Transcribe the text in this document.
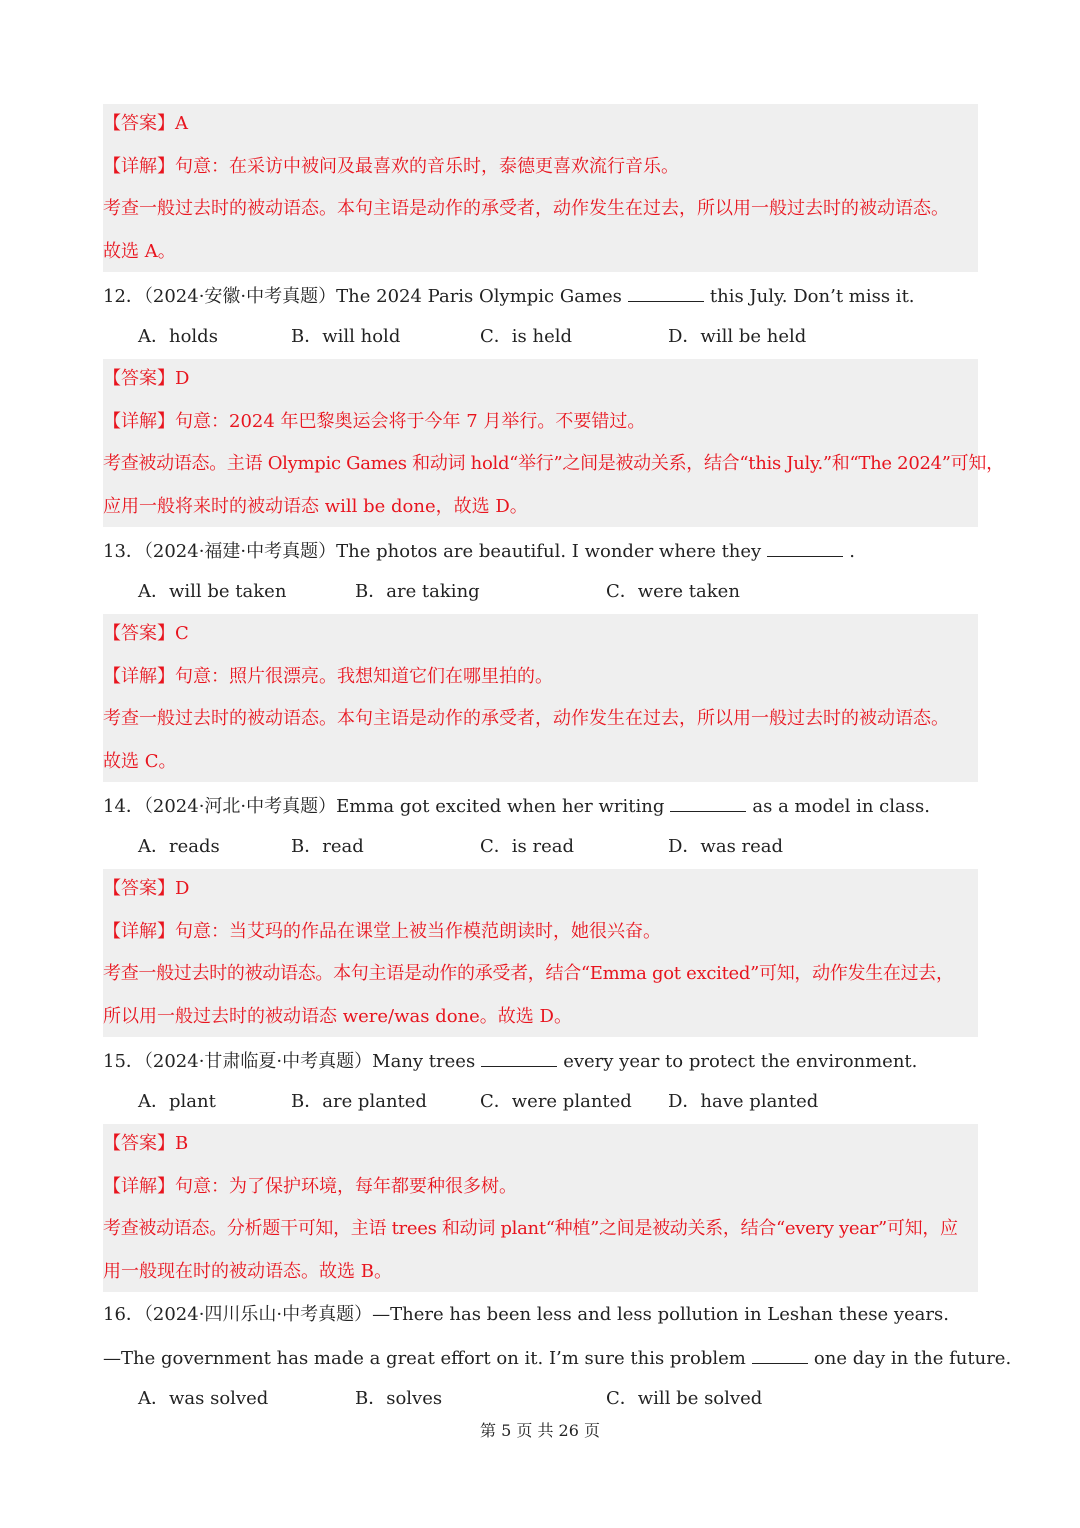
【答案】A
【详解】句意：在采访中被问及最喜欢的音乐时，泰德更喜欢流行音乐。
考查一般过去时的被动语态。本句主语是动作的承受者，动作发生在过去，所以用一般过去时的被动语态。
故选 A。
12．（2024·安徽·中考真题）The 2024 Paris Olympic Games	this July. Don’t miss it.
A．holds	B．will hold	C．is held	D．will be held
【答案】D
【详解】句意：2024 年巴黎奥运会将于今年 7 月举行。不要错过。
考查被动语态。主语 Olympic Games 和动词 hold“举行”之间是被动关系，结合“this July.”和“The 2024”可知，
应用一般将来时的被动语态 will be done，故选 D。
13．（2024·福建·中考真题）The photos are beautiful. I wonder where they	.
A．will be taken	B．are taking	C．were taken
【答案】C
【详解】句意：照片很漂亮。我想知道它们在哪里拍的。
考查一般过去时的被动语态。本句主语是动作的承受者，动作发生在过去，所以用一般过去时的被动语态。
故选 C。
14．（2024·河北·中考真题）Emma got excited when her writing	as a model in class.
A．reads	B．read	C．is read	D．was read
【答案】D
【详解】句意：当艾玛的作品在课堂上被当作模范朗读时，她很兴奋。
考查一般过去时的被动语态。本句主语是动作的承受者，结合“Emma got excited”可知，动作发生在过去，
所以用一般过去时的被动语态 were/was done。故选 D。
15．（2024·甘肃临夏·中考真题）Many trees	every year to protect the environment.
A．plant	B．are planted	C．were planted D．have planted
【答案】B
【详解】句意：为了保护环境，每年都要种很多树。
考查被动语态。分析题干可知，主语 trees 和动词 plant“种植”之间是被动关系，结合“every year”可知，应
用一般现在时的被动语态。故选 B。
16．（2024·四川乐山·中考真题）—There has been less and less pollution in Leshan these years.
—The government has made a great effort on it. I’m sure this problem	one day in the future.
A．was solved	B．solves	C．will be solved
第 5 页 共 26 页
